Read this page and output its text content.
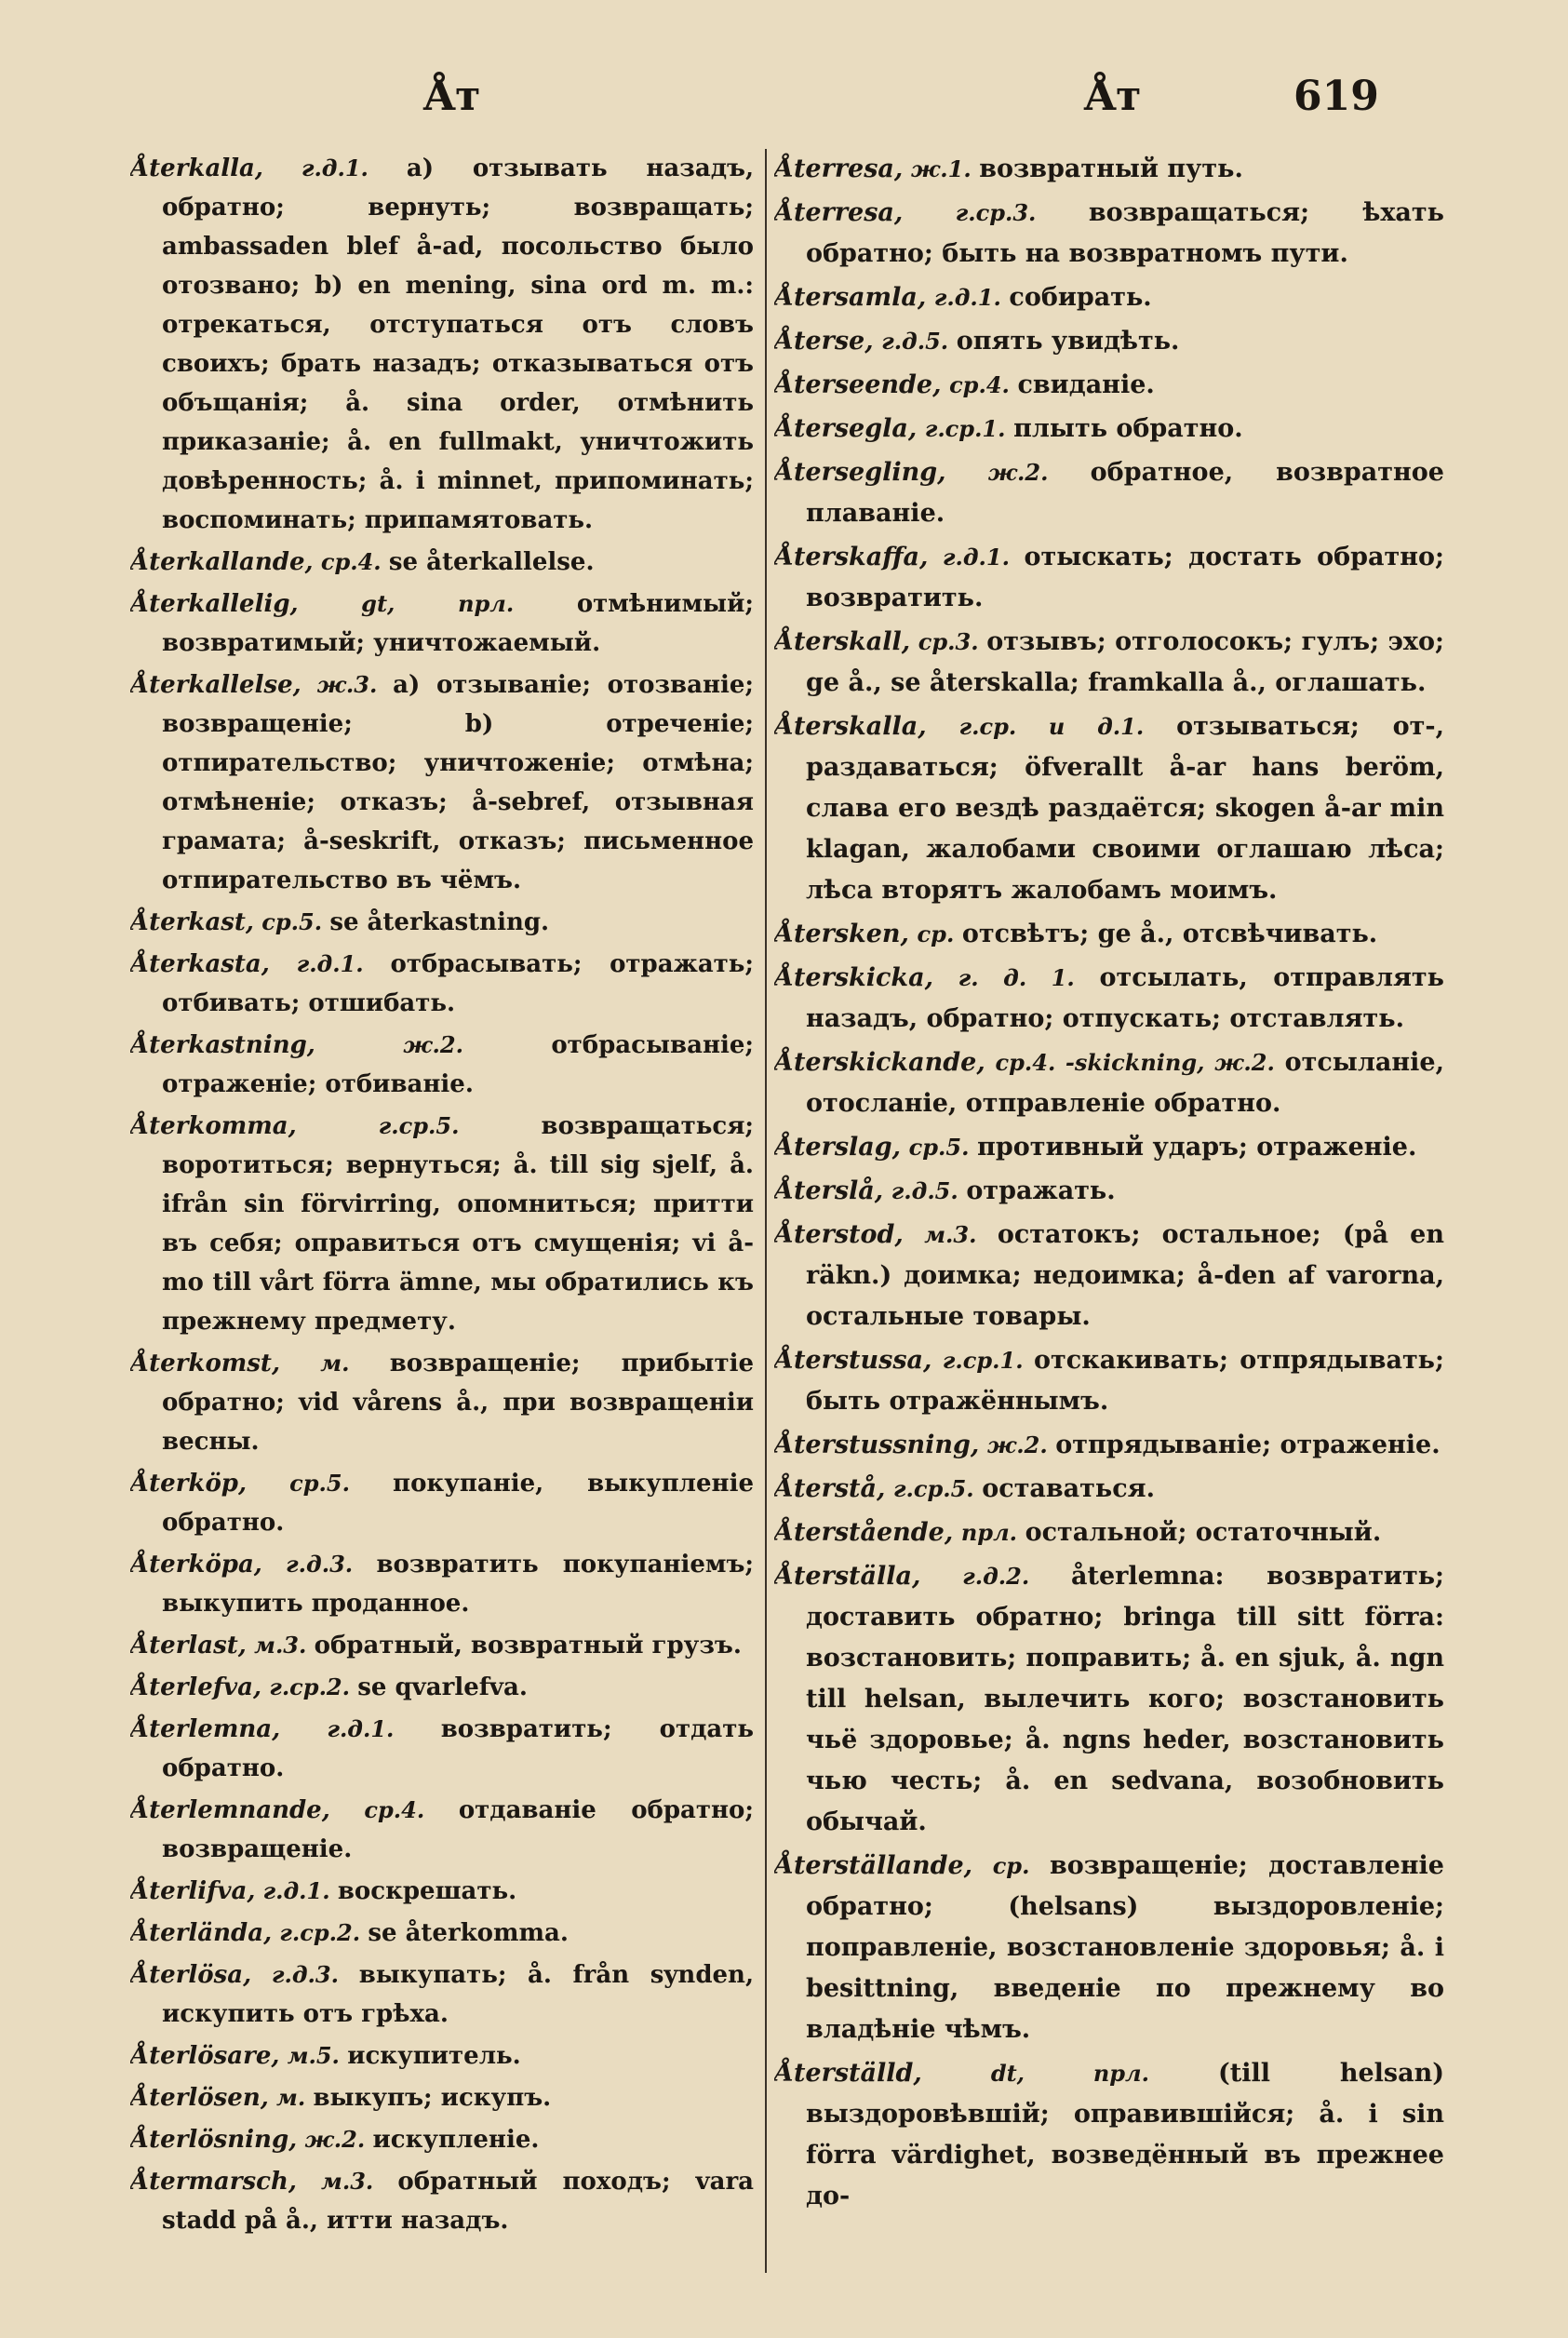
Åт	Åт	619

Återkalla, г.д.1. a) отзывать назадъ, обратно; вернуть; возвращать; ambassaden blef å-ad, посольство было отозвано; b) en mening, sina ord m. m.: отрекаться, отступаться отъ словъ своихъ; брать назадъ; отказываться отъ объщанія; å. sina order, отмѣнить приказаніе; å. en fullmakt, уничтожить довѣренность; å. i minnet, припоминать; воспоминать; припамятовать.

Återkallande, ср.4. se återkallelse.

Återkallelig,	gt, прл.	отмѣнимый; возвратимый; уничтожаемый.

Återkallelse, ж.3. a) отзываніе; отозваніе; возвращеніе; b) отреченіе; отпирательство; уничтоженіе; отмѣна; отмѣненіе; отказъ; å-sebref, отзывная грамата; å-seskrift, отказъ; письменное отпирательство въ чёмъ.

Återkast, ср.5. se återkastning.

Återkasta, г.д.1. отбрасывать; отражать; отбивать; отшибать.

Återkastning,	ж.2.	отбрасываніе; отраженіе; отбиваніе.

Återkomma,	г.ср.5.	возвращаться; воротиться; вернуться; å. till sig sjelf, å. ifrån sin förvirring, опомниться; притти въ себя; оправиться отъ смущенія; vi å-mo till vårt förra ämne, мы обратились къ прежнему предмету.

Återkomst, м. возвращеніе; прибытіе обратно; vid vårens å., при возвращеніи весны.

Återköp, ср.5. покупаніе, выкупленіе обратно.

Återköpa, г.д.3. возвратить покупаніемъ; выкупить проданное.

Återlast, м.3. обратный, возвратный грузъ.

Återlefva, г.ср.2. se qvarlefva.

Återlemna, г.д.1. возвратить; отдать обратно.

Återlemnande, ср.4. отдаваніе обратно; возвращеніе.

Återlifva, г.д.1. воскрешать.

Återlända, г.ср.2. se återkomma.

Återlösa, г.д.3. выкупать; å. från synden, искупить отъ грѣха.

Återlösare, м.5. искупитель.

Återlösen, м. выкупъ; искупъ.

Återlösning, ж.2. искупленіе.

Återmarsch, м.3. обратный походъ; vara stadd på å., итти назадъ.

Återresa, ж.1. возвратный путь.

Återresa, г.ср.3. возвращаться; ѣхать обратно; быть на возвратномъ пути.

Återsamla, г.д.1. собирать.

Återse, г.д.5. опять увидѣть.

Återseende, ср.4. свиданіе.

Återsegla, г.ср.1. плыть обратно.

Återsegling, ж.2. обратное, возвратное плаваніе.

Återskaffa, г.д.1. отыскать; достать обратно; возвратить.

Återskall, ср.3. отзывъ; отголосокъ; гулъ; эхо; ge å., se återskalla; framkalla å., оглашать.

Återskalla, г.ср. и д.1. отзываться; от-, раздаваться; öfverallt å-ar hans beröm, слава его вездѣ раздаётся; skogen å-ar min klagan, жалобами своими оглашаю лѣса; лѣса вторятъ жалобамъ моимъ.

Återsken, ср. отсвѣтъ; ge å., отсвѣчивать.

Återskicka, г. д. 1. отсылать, отправлять назадъ, обратно; отпускать; отставлять.

Återskickande, ср.4. -skickning, ж.2. отсыланіе, отосланіе, отправленіе обратно.

Återslag, ср.5. противный ударъ; отраженіе.

Återslå, г.д.5. отражать.

Återstod, м.3. остатокъ; остальное; (på en räkn.) доимка; недоимка; å-den af varorna, остальные товары.

Återstussa, г.ср.1. отскакивать; отпрядывать; быть отражённымъ.

Återstussning, ж.2. отпрядываніе; отраженіе.

Återstå, г.ср.5. оставаться.

Återstående, прл. остальной; остаточный.

Återställa, г.д.2. återlemna: возвратить; доставить обратно; bringa till sitt förra: возстановить; поправить; å. en sjuk, å. ngn till helsan, вылечить кого; возстановить чьё здоровье; å. ngns heder, возстановить чью честь; å. en sedvana, возобновить обычай.

Återställande, ср. возвращеніе; доставленіе обратно; (helsans) выздоровленіе; поправленіе, возстановленіе здоровья; å. i besittning, введеніе по прежнему во владѣніе чѣмъ.

Återställd,	dt, прл.	(till helsan) выздоровѣвшій; оправившійся; å. i sin förra värdighet, возведённый въ прежнее до-
